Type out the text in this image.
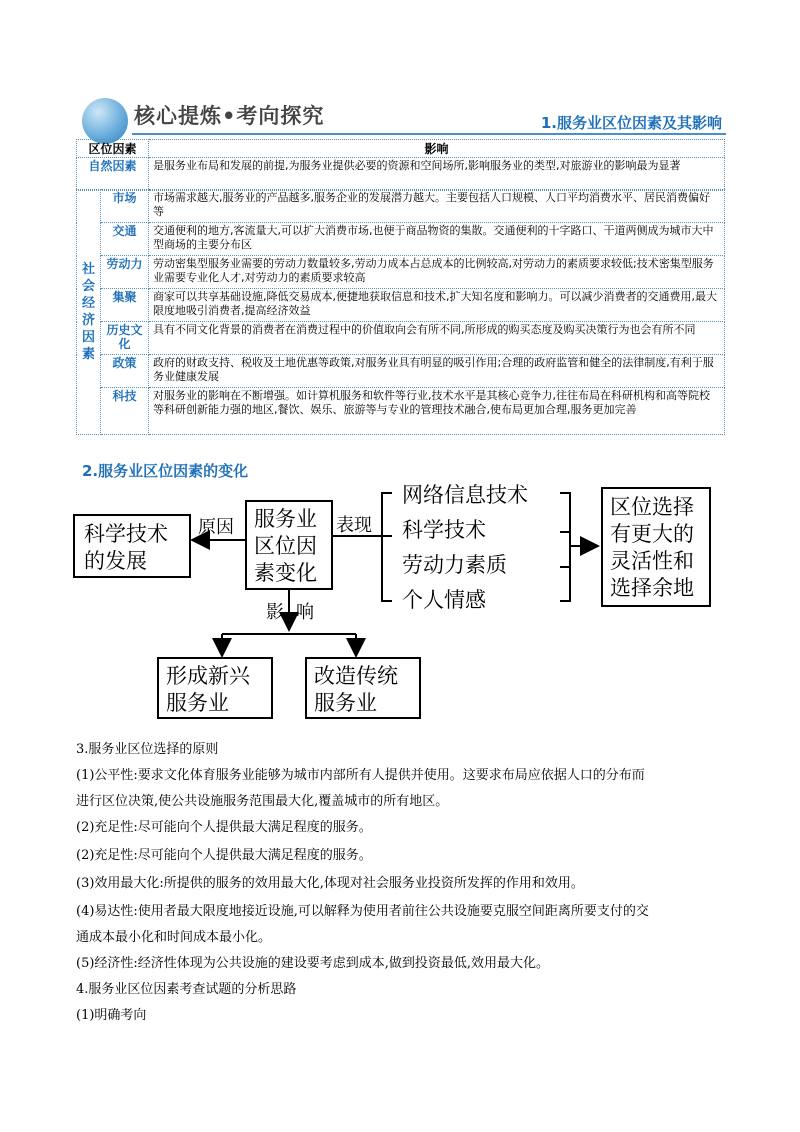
核心提炼•考向探究	1.服务业区位因素及其影响
区位因素	影响
自然因素	是服务业布局和发展的前提,为服务业提供必要的资源和空间场所,影响服务业的类型,对旅游业的影响最为显著
社会经济因素	市场	市场需求越大,服务业的产品越多,服务企业的发展潜力越大。主要包括人口规模、人口平均消费水平、居民消费偏好等
	交通	交通便利的地方,客流量大,可以扩大消费市场,也便于商品物资的集散。交通便利的十字路口、干道两侧成为城市大中型商场的主要分布区
	劳动力	劳动密集型服务业需要的劳动力数量较多,劳动力成本占总成本的比例较高,对劳动力的素质要求较低;技术密集型服务业需要专业化人才,对劳动力的素质要求较高
	集聚	商家可以共享基础设施,降低交易成本,便捷地获取信息和技术,扩大知名度和影响力。可以减少消费者的交通费用,最大限度地吸引消费者,提高经济效益
	历史文化	具有不同文化背景的消费者在消费过程中的价值取向会有所不同,所形成的购买态度及购买决策行为也会有所不同
	政策	政府的财政支持、税收及土地优惠等政策,对服务业具有明显的吸引作用;合理的政府监管和健全的法律制度,有利于服务业健康发展
	科技	对服务业的影响在不断增强。如计算机服务和软件等行业,技术水平是其核心竞争力,往往布局在科研机构和高等院校等科研创新能力强的地区,餐饮、娱乐、旅游等与专业的管理技术融合,使布局更加合理,服务更加完善
2.服务业区位因素的变化
科学技术
的发展
原因 服务业
区位因
素变化
表现
网络信息技术
科学技术
劳动力素质
个人情感
区位选择
有更大的
灵活性和
选择余地
影 响
形成新兴
服务业
改造传统
服务业
3.服务业区位选择的原则
(1)公平性:要求文化体育服务业能够为城市内部所有人提供并使用。这要求布局应依据人口的分布而
进行区位决策,使公共设施服务范围最大化,覆盖城市的所有地区。
(2)充足性:尽可能向个人提供最大满足程度的服务。
(2)充足性:尽可能向个人提供最大满足程度的服务。
(3)效用最大化:所提供的服务的效用最大化,体现对社会服务业投资所发挥的作用和效用。
(4)易达性:使用者最大限度地接近设施,可以解释为使用者前往公共设施要克服空间距离所要支付的交
通成本最小化和时间成本最小化。
(5)经济性:经济性体现为公共设施的建设要考虑到成本,做到投资最低,效用最大化。
4.服务业区位因素考查试题的分析思路
(1)明确考向
